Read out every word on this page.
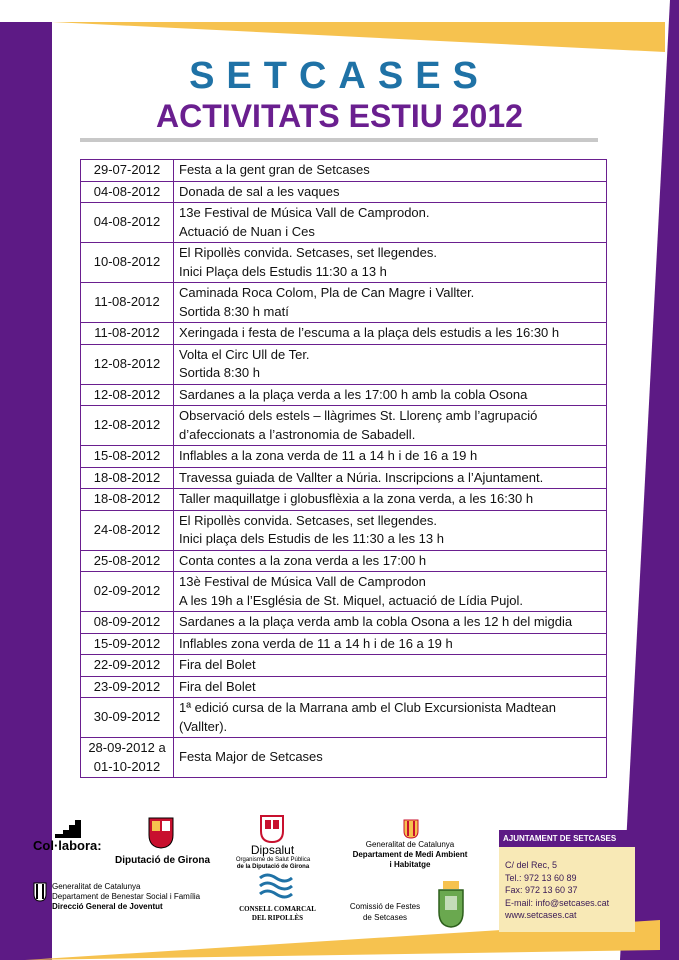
SETCASES
ACTIVITATS ESTIU 2012
29-07-2012	Festa a la gent gran de Setcases

04-08-2012	Donada de sal a les vaques

04-08-2012	13e Festival de Música Vall de Camprodon.
Actuació de Nuan i Ces

10-08-2012	El Ripollès convida. Setcases, set llegendes.
Inici Plaça dels Estudis 11:30 a 13 h

11-08-2012	Caminada Roca Colom, Pla de Can Magre i Vallter.
Sortida 8:30 h matí

11-08-2012	Xeringada i festa de l’escuma a la plaça dels estudis a les 16:30 h

12-08-2012	Volta el Circ Ull de Ter.
Sortida 8:30 h

12-08-2012	Sardanes a la plaça verda a les 17:00 h amb la cobla Osona

12-08-2012	Observació dels estels – llàgrimes St. Llorenç amb l’agrupació
d’afeccionats a l’astronomia de Sabadell.

15-08-2012	Inflables a la zona verda de 11 a 14 h i de 16 a 19 h

18-08-2012	Travessa guiada de Vallter a Núria. Inscripcions a l’Ajuntament.

18-08-2012	Taller maquillatge i globusflèxia a la zona verda, a les 16:30 h

24-08-2012	El Ripollès convida. Setcases, set llegendes.
Inici plaça dels Estudis de les 11:30 a les 13 h

25-08-2012	Conta contes a la zona verda a les 17:00 h

02-09-2012	13è Festival de Música Vall de Camprodon
A les 19h a l’Església de St. Miquel, actuació de Lídia Pujol.

08-09-2012	Sardanes a la plaça verda amb la cobla Osona a les 12 h del migdia

15-09-2012	Inflables zona verda de 11 a 14 h i de 16 a 19 h

22-09-2012	Fira del Bolet

23-09-2012	Fira del Bolet

30-09-2012	1ª edició cursa de la Marrana amb el Club Excursionista Madtean
(Vallter).

28-09-2012 a 01-10-2012	Festa Major de Setcases
Col·labora:
Diputació de Girona
Dipsalut
Organisme de Salut Pública
de la Diputació de Girona
Generalitat de Catalunya
Departament de Medi Ambient
i Habitatge
Generalitat de Catalunya
Departament de Benestar Social i Família
Direcció General de Joventut	CONSELL COMARCAL
DEL RIPOLLÈS
Comissió de Festes
de Setcases
AJUNTAMENT DE SETCASES
C/ del Rec, 5
Tel.: 972 13 60 89
Fax: 972 13 60 37
E-mail: info@setcases.cat
www.setcases.cat
